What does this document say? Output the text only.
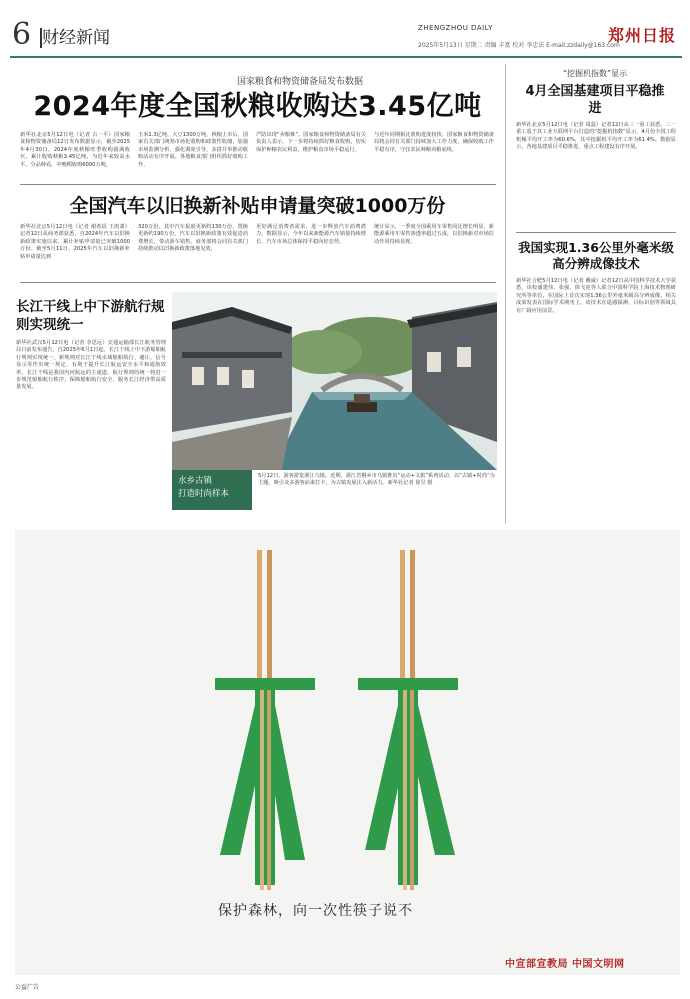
6 财经新闻	ZHENGZHOU DAILY
2025年5月13日 星期二 责编 丰富 校对 李忠法 E-mail:zzdaily@163.com
郑州日报
国家粮食和物资储备局发布数据
2024年度全国秋粮收购达3.45亿吨
新华社北京5月12日电（记者 古一平）国家粮食和物资储备局12日发布数据显示，截至2025年4月30日，2024年度秋粮旺季收购圆满收官，累计收购秋粮3.45亿吨，为近年来较高水平。分品种看，中晚稻收购6000万吨，
玉米1.3亿吨，大豆1300万吨。秋粮上市后，国家有关部门统筹市场化收购和政策性收储，加强市场监测分析，强化调度引导，多措并举推动收购活动有序开展。各地粮食部门组织抓好收购工作，
严防出现“卖粮难”。国家粮食和物资储备局有关负责人表示，下一步将持续抓好粮食收购，切实保护种粮农民利益，维护粮食市场平稳运行。
与近年同期相比收购进度较快，国家粮食和物资储备局将会同有关部门持续加大工作力度，确保收购工作平稳有序，守住农民种粮卖粮底线。
全国汽车以旧换新补贴申请量突破1000万份
新华社北京5月12日电（记者 谢希瑶 王雨萧）记者12日从商务部获悉，自2024年汽车以旧换新政策实施以来，累计补贴申请量已突破1000万份。截至5月11日，2025年汽车以旧换新补贴申请量达到
320万份，其中汽车报废更新约130万份、置换更新约190万份。汽车以旧换新政策有效促进消费增长，带动新车销售。商务部将会同有关部门持续推动以旧换新政策落地见效，
更好满足消费者需求，进一步释放汽车消费潜力。数据显示，今年以来新能源汽车销量持续增长，汽车市场总体保持平稳向好态势。
统计显示，一季度全国乘用车零售同比增长明显，新能源乘用车零售渗透率超过五成，以旧换新对市场拉动作用持续显现。
长江干线上中下游航行规则实现统一
新华社武汉5月12日电（记者 李思远）交通运输部长江航务管理局日前发布通告，自2025年6月1日起，长江干线上中下游船舶航行规则实现统一。新规则对长江干线水域船舶航行、避让、信号显示等作出统一规定，有利于提升长江航运安全水平和通航效率。长江干线是我国内河航运的主通道，航行规则的统一将进一步规范船舶航行秩序，保障船舶航行安全，服务长江经济带高质量发展。
“挖掘机指数”显示
4月全国基建项目平稳推进
新华社北京5月12日电（记者 周蕊）记者12日从三一重工获悉，三一重工基于其工业互联网平台打造的“挖掘机指数”显示，4月份全国工程机械平均开工率为60.6%，其中挖掘机平均开工率为61.4%。数据显示，各地基建项目平稳推进，重点工程建设有序开展。
我国实现1.36公里外毫米级高分辨成像技术
新华社合肥5月12日电（记者 戴威）记者12日从中国科学技术大学获悉，该校潘建伟、张强、徐飞虎等人联合中国科学院上海技术物理研究所等单位，在国际上首次实现1.36公里外毫米级高分辨成像，相关成果发表在国际学术期刊上。该技术在遥感探测、目标识别等领域具有广阔应用前景。
水乡古镇
打造时尚样本
5月12日，游客游览浙江乌镇。近期，浙江省桐乡市乌镇推出“运动+文旅”系列活动，以“古镇+时尚”为主题，吸引众多游客前来打卡，为古镇发展注入新活力。新华社记者 徐昱 摄
保护森林，向一次性筷子说不
中宣部宣教局 中国文明网
公益广告
